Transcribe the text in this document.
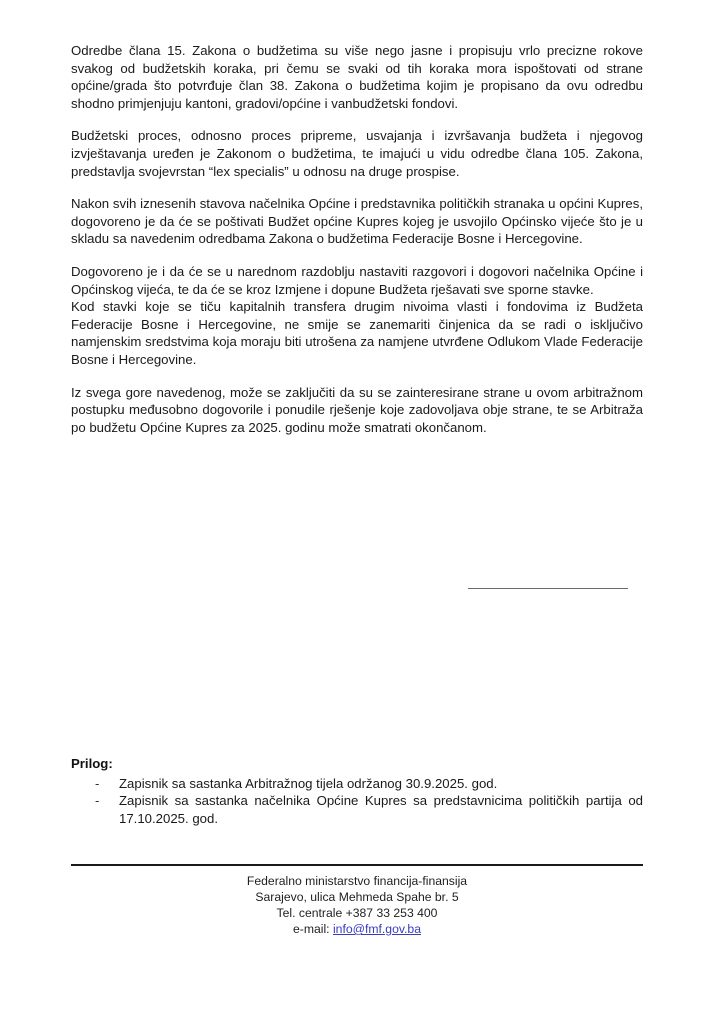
Odredbe člana 15. Zakona o budžetima su više nego jasne i propisuju vrlo precizne rokove svakog od budžetskih koraka, pri čemu se svaki od tih koraka mora ispoštovati od strane općine/grada što potvrđuje član 38. Zakona o budžetima kojim je propisano da ovu odredbu shodno primjenjuju kantoni, gradovi/općine i vanbudžetski fondovi.

Budžetski proces, odnosno proces pripreme, usvajanja i izvršavanja budžeta i njegovog izvještavanja uređen je Zakonom o budžetima, te imajući u vidu odredbe člana 105. Zakona, predstavlja svojevrstan “lex specialis” u odnosu na druge prospise.

Nakon svih iznesenih stavova načelnika Općine i predstavnika političkih stranaka u općini Kupres, dogovoreno je da će se poštivati Budžet općine Kupres kojeg je usvojilo Općinsko vijeće što je u skladu sa navedenim odredbama Zakona o budžetima Federacije Bosne i Hercegovine.

Dogovoreno je i da će se u narednom razdoblju nastaviti razgovori i dogovori načelnika Općine i Općinskog vijeća, te da će se kroz Izmjene i dopune Budžeta rješavati sve sporne stavke.

Kod stavki koje se tiču kapitalnih transfera drugim nivoima vlasti i fondovima iz Budžeta Federacije Bosne i Hercegovine, ne smije se zanemariti činjenica da se radi o isključivo namjenskim sredstvima koja moraju biti utrošena za namjene utvrđene Odlukom Vlade Federacije Bosne i Hercegovine.

Iz svega gore navedenog, može se zaključiti da su se zainteresirane strane u ovom arbitražnom postupku međusobno dogovorile i ponudile rješenje koje zadovoljava obje strane, te se Arbitraža po budžetu Općine Kupres za 2025. godinu može smatrati okončanom.

Prilog:
- Zapisnik sa sastanka Arbitražnog tijela održanog 30.9.2025. god.
- Zapisnik sa sastanka načelnika Općine Kupres sa predstavnicima političkih partija od 17.10.2025. god.
Federalno ministarstvo financija-finansija
Sarajevo, ulica Mehmeda Spahe br. 5
Tel. centrale +387 33 253 400
e-mail: info@fmf.gov.ba
